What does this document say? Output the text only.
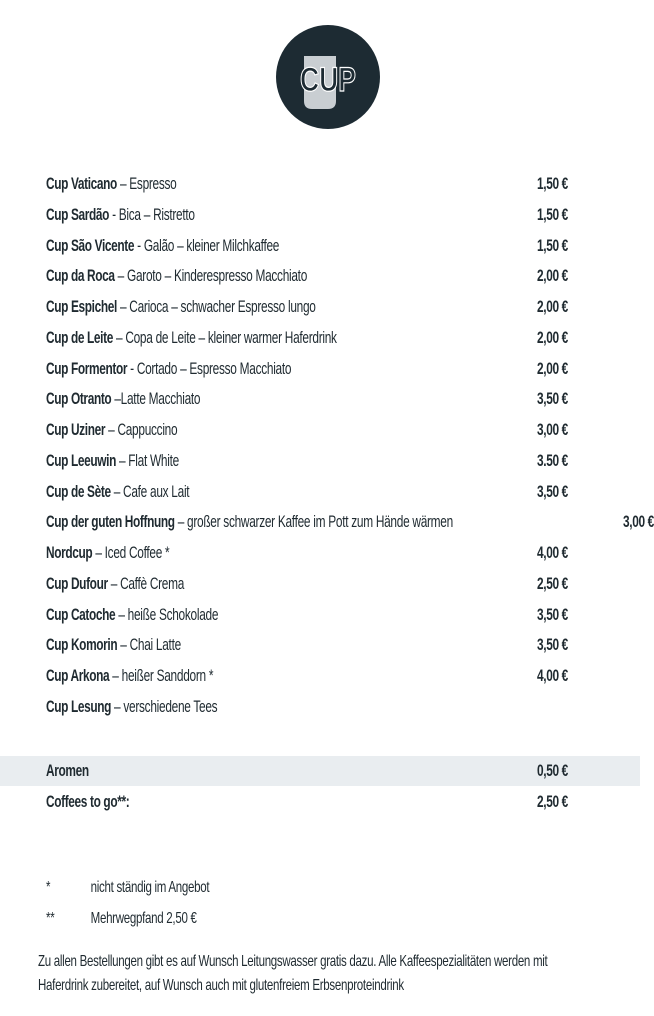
CUP
Cup Vaticano – Espresso	1,50 €
Cup Sardão - Bica – Ristretto	1,50 €
Cup São Vicente - Galão – kleiner Milchkaffee	1,50 €
Cup da Roca – Garoto – Kinderespresso Macchiato	2,00 €
Cup Espichel – Carioca – schwacher Espresso lungo	2,00 €
Cup de Leite – Copa de Leite – kleiner warmer Haferdrink	2,00 €
Cup Formentor - Cortado – Espresso Macchiato	2,00 €
Cup Otranto –Latte Macchiato	3,50 €
Cup Uziner – Cappuccino	3,00 €
Cup Leeuwin – Flat White	3.50 €
Cup de Sète – Cafe aux Lait	3,50 €
Cup der guten Hoffnung – großer schwarzer Kaffee im Pott zum Hände wärmen	3,00 €
Nordcup – Iced Coffee *	4,00 €
Cup Dufour – Caffè Crema	2,50 €
Cup Catoche – heiße Schokolade	3,50 €
Cup Komorin – Chai Latte	3,50 €
Cup Arkona – heißer Sanddorn *	4,00 €
Cup Lesung – verschiedene Tees
Aromen	0,50 €
Coffees to go**:	2,50 €
*	nicht ständig im Angebot
** Mehrwegpfand 2,50 €
Zu allen Bestellungen gibt es auf Wunsch Leitungswasser gratis dazu. Alle Kaffeespezialitäten werden mit Haferdrink zubereitet, auf Wunsch auch mit glutenfreiem Erbsenproteindrink
